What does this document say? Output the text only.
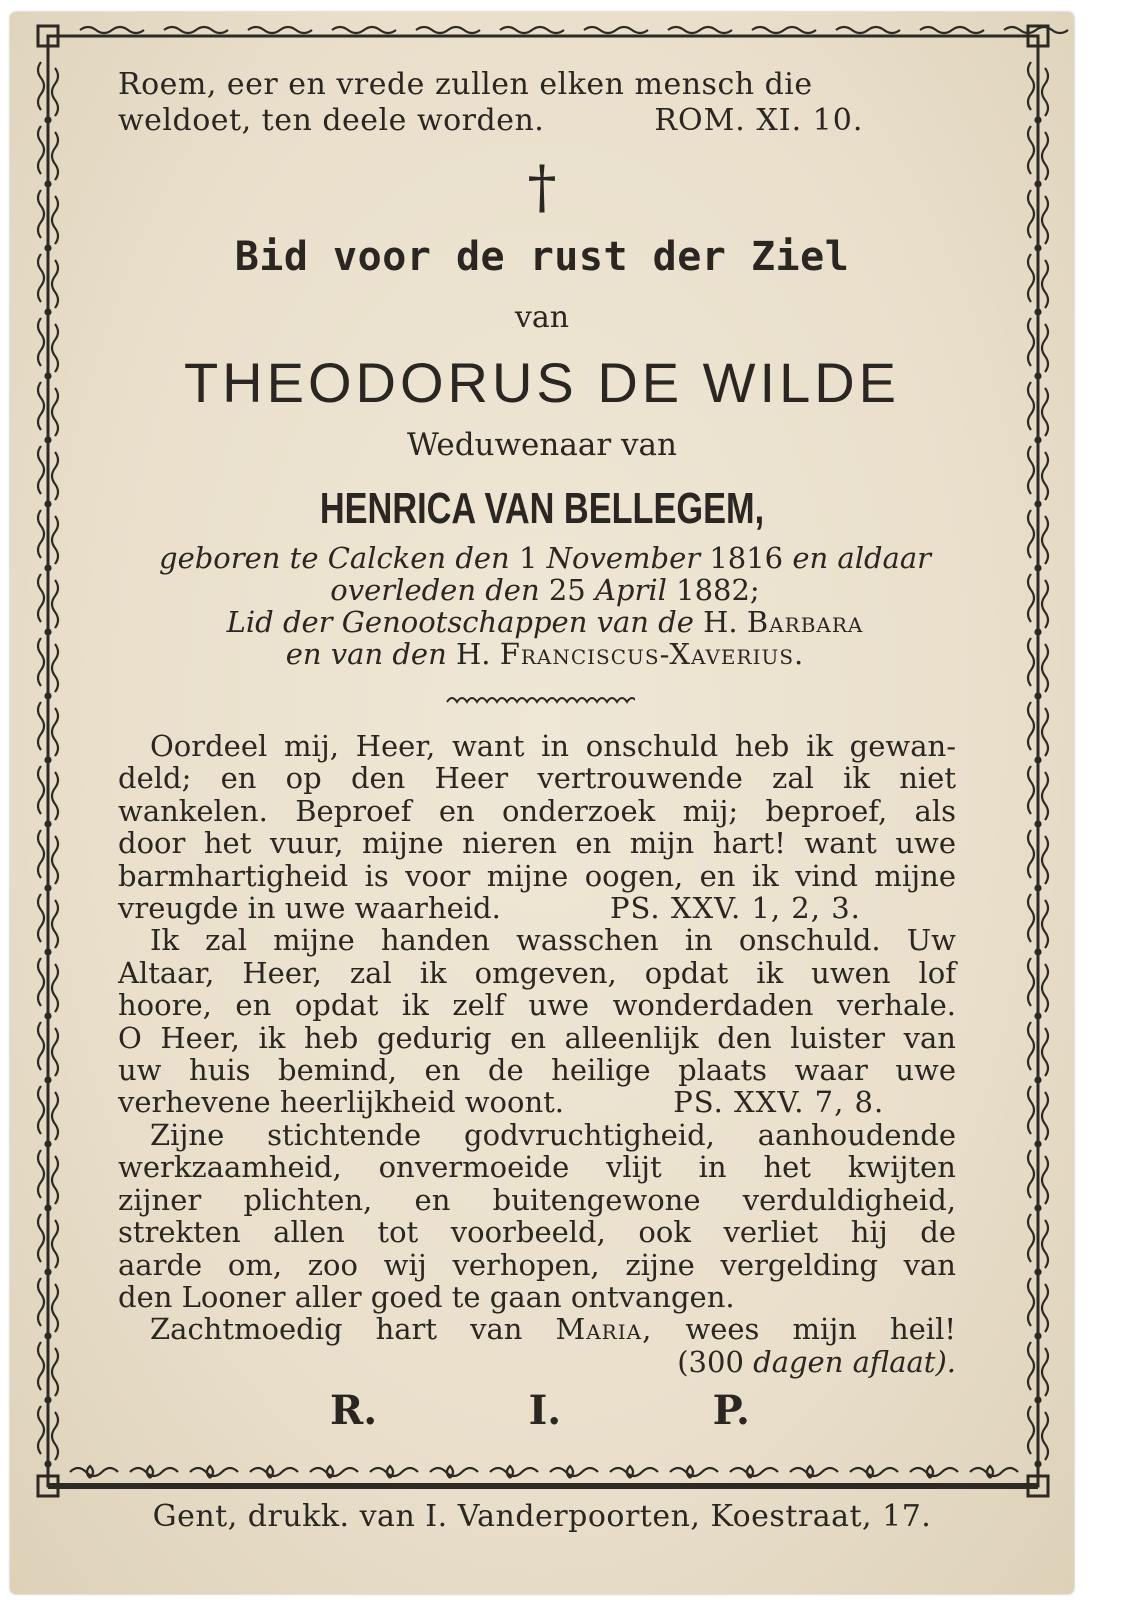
Roem, eer en vrede zullen elken mensch die
weldoet, ten deele worden.	ROM. XI. 10.
†
Bid voor de rust der Ziel
van
THEODORUS DE WILDE
Weduwenaar van
HENRICA VAN BELLEGEM,
geboren te Calcken den 1 November 1816 en aldaar
overleden den 25 April 1882;
Lid der Genootschappen van de H. Barbara
en van den H. Franciscus-Xaverius.
Oordeel mij, Heer, want in onschuld heb ik gewan-
deld; en op den Heer vertrouwende zal ik niet
wankelen. Beproef en onderzoek mij; beproef, als
door het vuur, mijne nieren en mijn hart! want uwe
barmhartigheid is voor mijne oogen, en ik vind mijne
vreugde in uwe waarheid.	PS. XXV. 1, 2, 3.
Ik zal mijne handen wasschen in onschuld. Uw
Altaar, Heer, zal ik omgeven, opdat ik uwen lof
hoore, en opdat ik zelf uwe wonderdaden verhale.
O Heer, ik heb gedurig en alleenlijk den luister van
uw huis bemind, en de heilige plaats waar uwe
verhevene heerlijkheid woont.	PS. XXV. 7, 8.
Zijne stichtende godvruchtigheid, aanhoudende
werkzaamheid, onvermoeide vlijt in het kwijten
zijner plichten, en buitengewone verduldigheid,
strekten allen tot voorbeeld, ook verliet hij de
aarde om, zoo wij verhopen, zijne vergelding van
den Looner aller goed te gaan ontvangen.
Zachtmoedig hart van Maria, wees mijn heil!
(300 dagen aflaat).
R.	I.	P.
Gent, drukk. van I. Vanderpoorten, Koestraat, 17.
